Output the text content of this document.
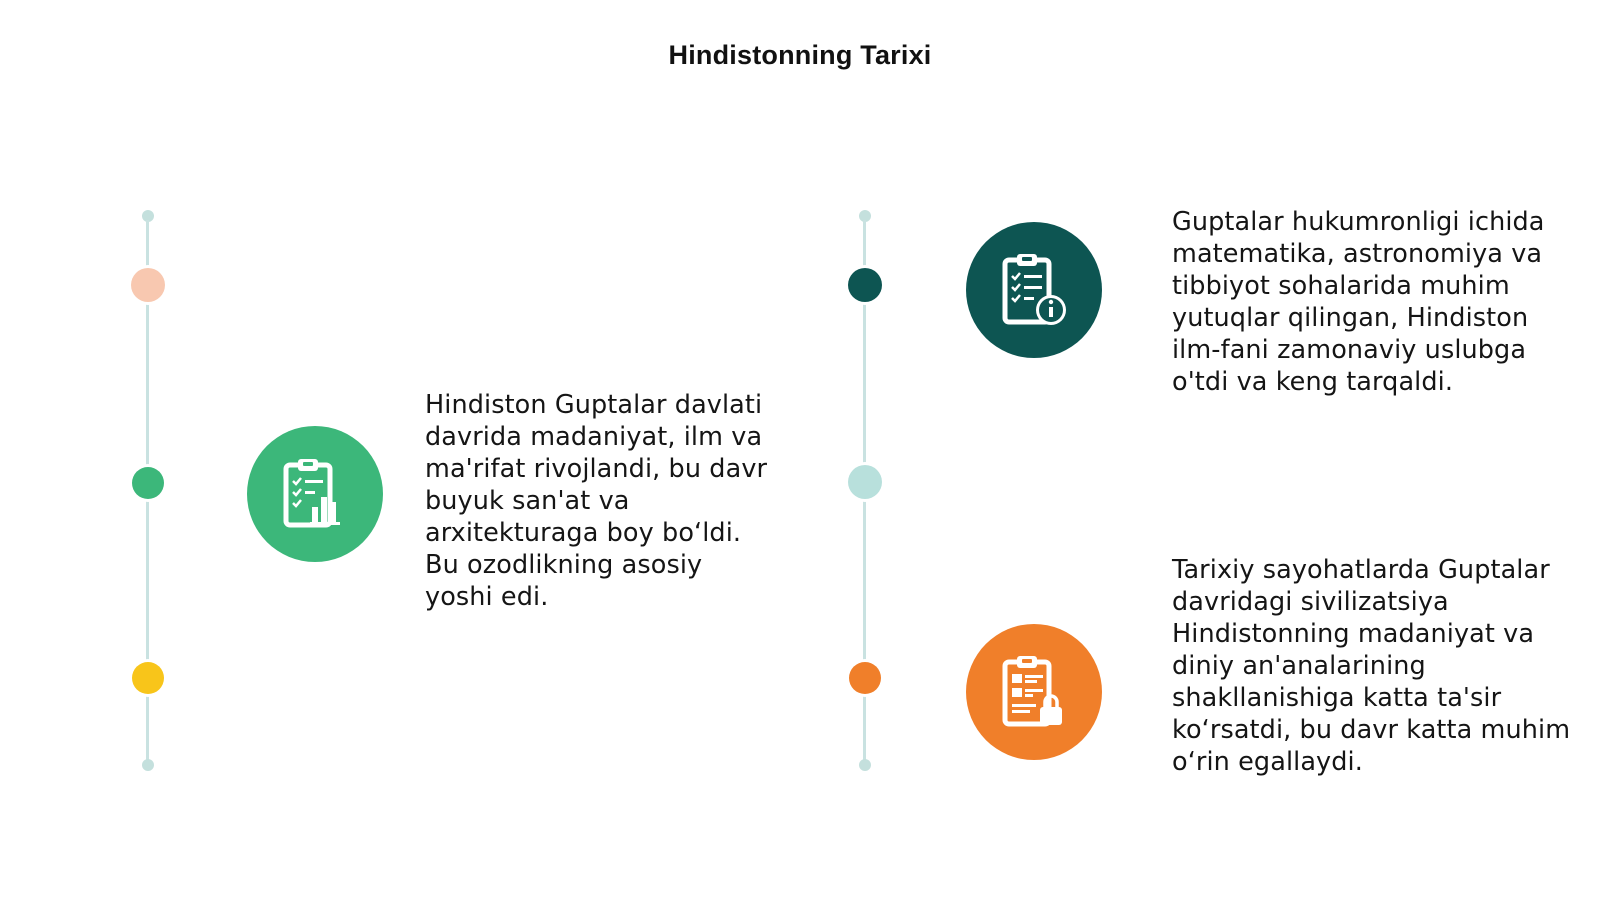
Hindistonning Tarixi
Hindiston Guptalar davlati davrida madaniyat, ilm va ma'rifat rivojlandi, bu davr buyuk san'at va arxitekturaga boy bo‘ldi. Bu ozodlikning asosiy yoshi edi.
Guptalar hukumronligi ichida matematika, astronomiya va tibbiyot sohalarida muhim yutuqlar qilingan, Hindiston ilm-fani zamonaviy uslubga o'tdi va keng tarqaldi.
Tarixiy sayohatlarda Guptalar davridagi sivilizatsiya Hindistonning madaniyat va diniy an'analarining shakllanishiga katta ta'sir ko‘rsatdi, bu davr katta muhim o‘rin egallaydi.
